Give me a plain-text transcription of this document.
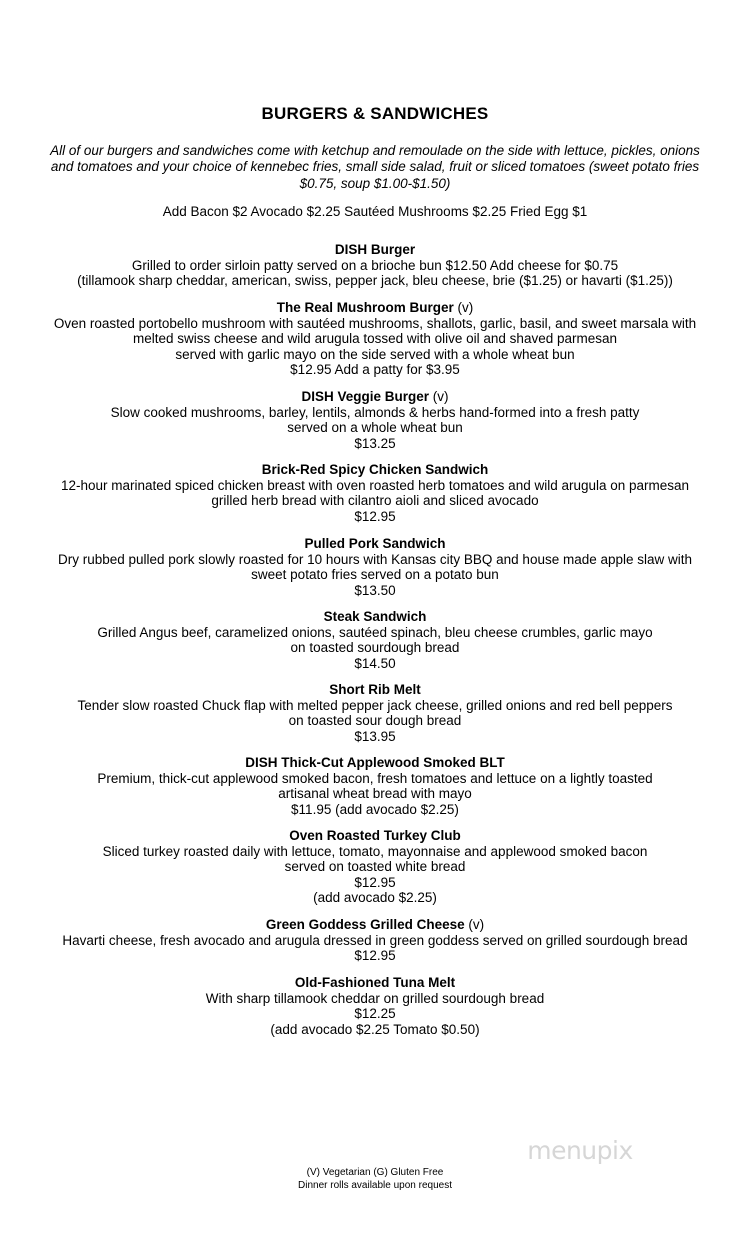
BURGERS & SANDWICHES
All of our burgers and sandwiches come with ketchup and remoulade on the side with lettuce, pickles, onions and tomatoes and your choice of kennebec fries, small side salad, fruit or sliced tomatoes (sweet potato fries $0.75, soup $1.00-$1.50)
Add Bacon $2 Avocado $2.25 Sautéed Mushrooms $2.25 Fried Egg $1
DISH Burger
Grilled to order sirloin patty served on a brioche bun $12.50 Add cheese for $0.75
(tillamook sharp cheddar, american, swiss, pepper jack, bleu cheese, brie ($1.25) or havarti ($1.25))
The Real Mushroom Burger (v)
Oven roasted portobello mushroom with sautéed mushrooms, shallots, garlic, basil, and sweet marsala with
melted swiss cheese and wild arugula tossed with olive oil and shaved parmesan
served with garlic mayo on the side served with a whole wheat bun
$12.95 Add a patty for $3.95
DISH Veggie Burger (v)
Slow cooked mushrooms, barley, lentils, almonds & herbs hand-formed into a fresh patty
served on a whole wheat bun
$13.25
Brick-Red Spicy Chicken Sandwich
12-hour marinated spiced chicken breast with oven roasted herb tomatoes and wild arugula on parmesan
grilled herb bread with cilantro aioli and sliced avocado
$12.95
Pulled Pork Sandwich
Dry rubbed pulled pork slowly roasted for 10 hours with Kansas city BBQ and house made apple slaw with
sweet potato fries served on a potato bun
$13.50
Steak Sandwich
Grilled Angus beef, caramelized onions, sautéed spinach, bleu cheese crumbles, garlic mayo
on toasted sourdough bread
$14.50
Short Rib Melt
Tender slow roasted Chuck flap with melted pepper jack cheese, grilled onions and red bell peppers
on toasted sour dough bread
$13.95
DISH Thick-Cut Applewood Smoked BLT
Premium, thick-cut applewood smoked bacon, fresh tomatoes and lettuce on a lightly toasted
artisanal wheat bread with mayo
$11.95 (add avocado $2.25)
Oven Roasted Turkey Club
Sliced turkey roasted daily with lettuce, tomato, mayonnaise and applewood smoked bacon
served on toasted white bread
$12.95
(add avocado $2.25)
Green Goddess Grilled Cheese (v)
Havarti cheese, fresh avocado and arugula dressed in green goddess served on grilled sourdough bread
$12.95
Old-Fashioned Tuna Melt
With sharp tillamook cheddar on grilled sourdough bread
$12.25
(add avocado $2.25 Tomato $0.50)
(V) Vegetarian (G) Gluten Free
Dinner rolls available upon request
menupix
